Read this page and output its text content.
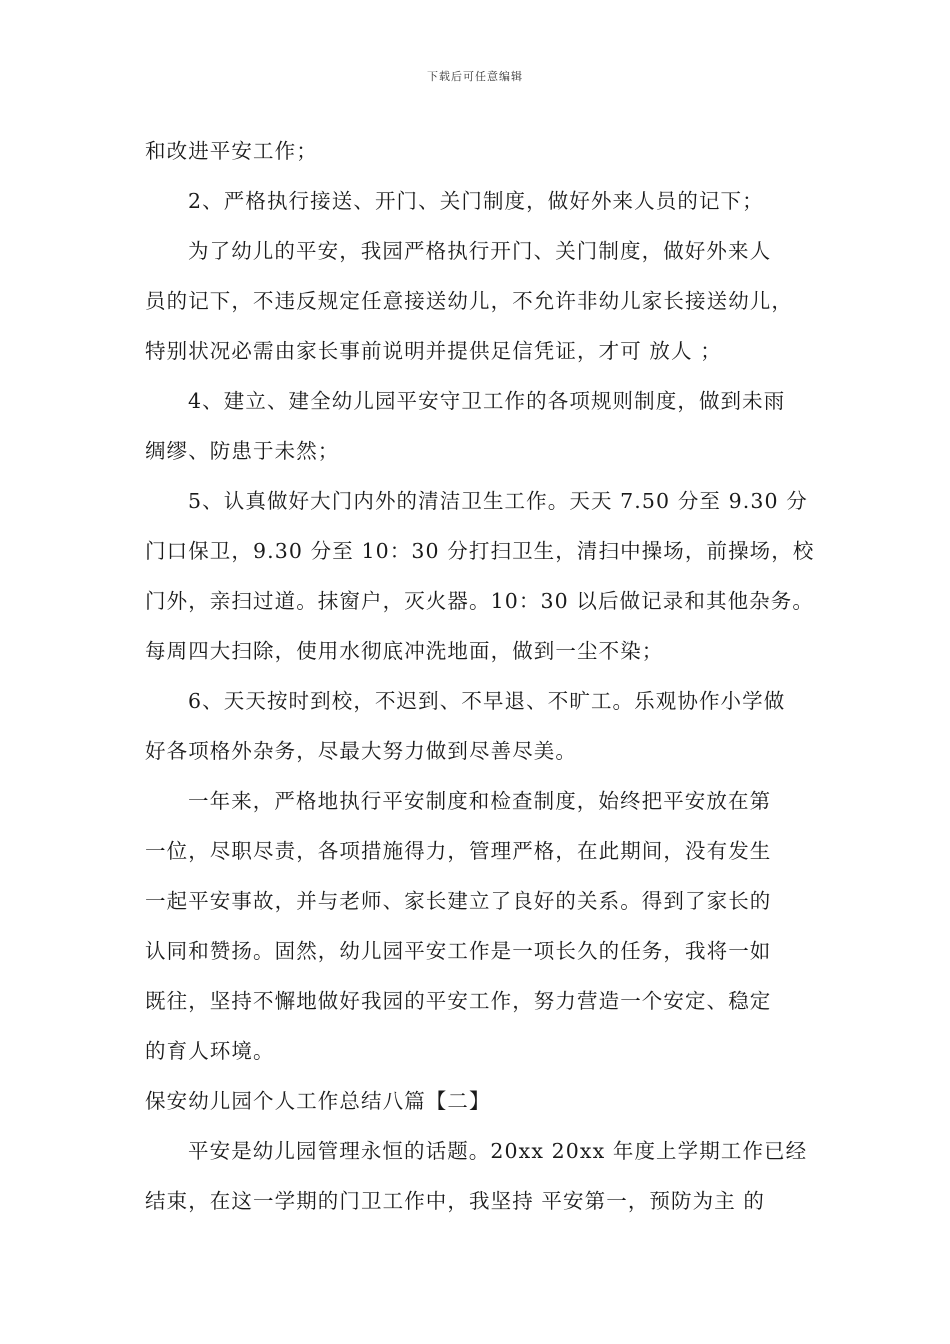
下载后可任意编辑
和改进平安工作；
2、严格执行接送、开门、关门制度，做好外来人员的记下；
为了幼儿的平安，我园严格执行开门、关门制度，做好外来人
员的记下，不违反规定任意接送幼儿，不允许非幼儿家长接送幼儿，
特别状况必需由家长事前说明并提供足信凭证，才可 放人 ；
4、建立、建全幼儿园平安守卫工作的各项规则制度，做到未雨
绸缪、防患于未然；
5、认真做好大门内外的清洁卫生工作。天天 7.50 分至 9.30 分
门口保卫，9.30 分至 10：30 分打扫卫生，清扫中操场，前操场，校
门外，亲扫过道。抹窗户，灭火器。10：30 以后做记录和其他杂务。
每周四大扫除，使用水彻底冲洗地面，做到一尘不染；
6、天天按时到校，不迟到、不早退、不旷工。乐观协作小学做
好各项格外杂务，尽最大努力做到尽善尽美。
一年来，严格地执行平安制度和检查制度，始终把平安放在第
一位，尽职尽责，各项措施得力，管理严格，在此期间，没有发生
一起平安事故，并与老师、家长建立了良好的关系。得到了家长的
认同和赞扬。固然，幼儿园平安工作是一项长久的任务，我将一如
既往，坚持不懈地做好我园的平安工作，努力营造一个安定、稳定
的育人环境。
保安幼儿园个人工作总结八篇【二】
平安是幼儿园管理永恒的话题。20xx 20xx 年度上学期工作已经
结束，在这一学期的门卫工作中，我坚持 平安第一，预防为主 的
